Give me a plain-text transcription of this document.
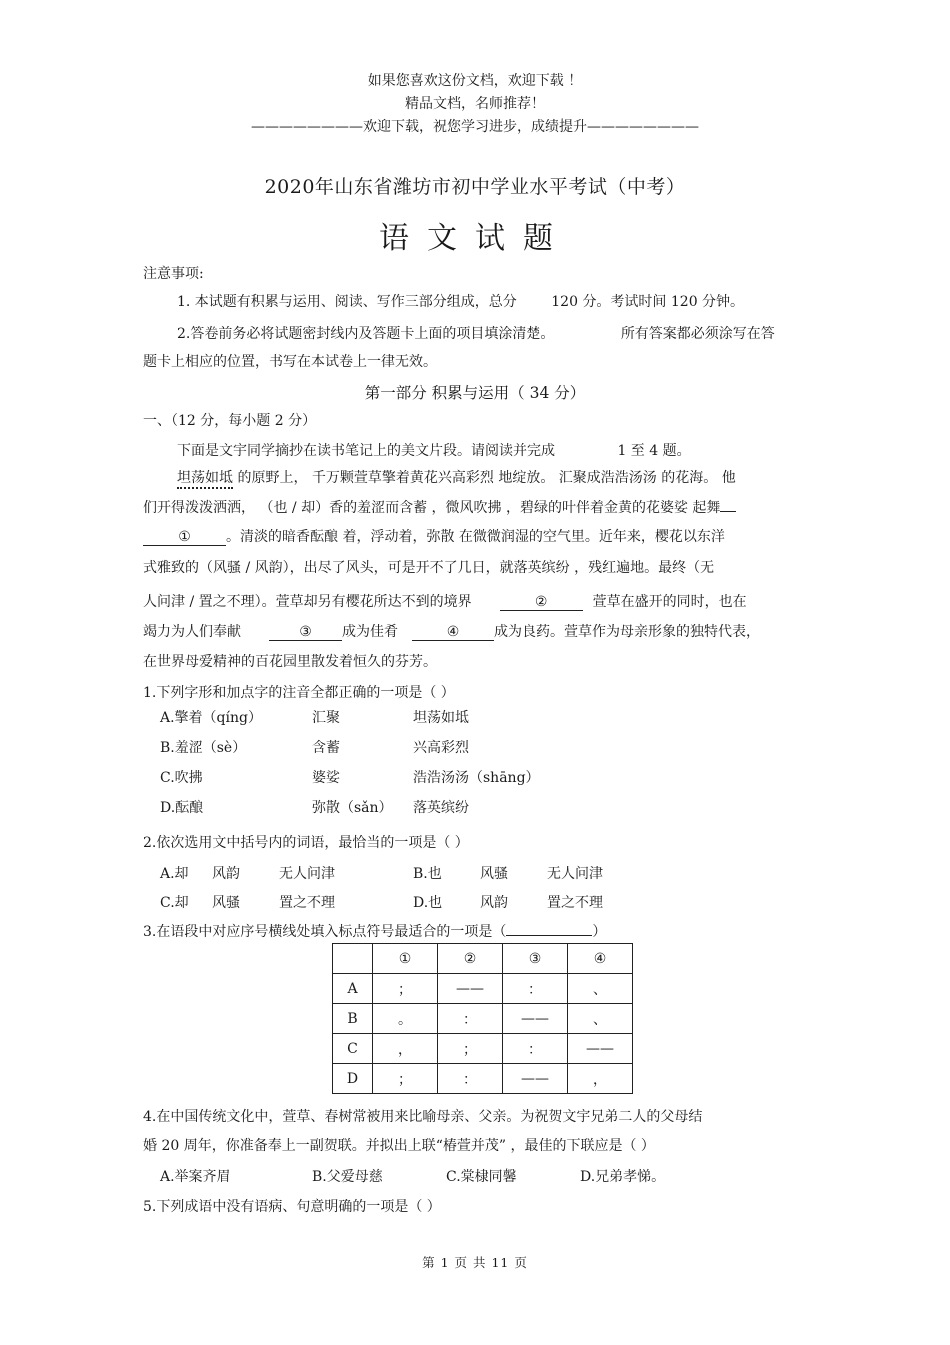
如果您喜欢这份文档，欢迎下载 ！
精品文档，名师推荐！
————————欢迎下载，祝您学习进步，成绩提升————————
2020年山东省潍坊市初中学业水平考试（中考）
语文试题
注意事项:
1. 本试题有积累与运用、阅读、写作三部分组成，总分 120 分。考试时间 120 分钟。
2.答卷前务必将试题密封线内及答题卡上面的项目填涂清楚。	所有答案都必须涂写在答
题卡上相应的位置，书写在本试卷上一律无效。
第一部分 积累与运用（ 34 分）
一、（12 分，每小题 2 分）
下面是文宇同学摘抄在读书笔记上的美文片段。请阅读并完成	1 至 4 题。
坦荡如坻 的原野上， 千万颗萱草擎着黄花兴高彩烈 地绽放。 汇聚成浩浩汤汤 的花海。 他
们开得泼泼洒洒， （也 / 却）香的羞涩而含蓄 ，微风吹拂 ，碧绿的叶伴着金黄的花婆娑 起舞
①	。清淡的暗香酝酿 着，浮动着，弥散 在微微润湿的空气里。近年来，樱花以东洋
式雅致的（风骚 / 风韵），出尽了风头，可是开不了几日，就落英缤纷 ，残红遍地。最终（无
人问津 / 置之不理）。萱草却另有樱花所达不到的境界	②	萱草在盛开的同时，也在
竭力为人们奉献	③ 成为佳肴	④ 成为良药。萱草作为母亲形象的独特代表，
在世界母爱精神的百花园里散发着恒久的芬芳。
1.下列字形和加点字的注音全都正确的一项是（ ）
A.擎着（qíng）	汇聚	坦荡如坻
B.羞涩（sè）	含蓄	兴高彩烈
C.吹拂	婆娑	浩浩汤汤（shāng）
D.酝酿	弥散（sǎn） 落英缤纷
2.依次选用文中括号内的词语，最恰当的一项是（ ）
A.却 风韵	无人问津	B.也	风骚	无人问津
C.却 风骚	置之不理	D.也	风韵	置之不理
3.在语段中对应序号横线处填入标点符号最适合的一项是（	）
	①	②	③	④
A	；	——	：	、
B	。	：	——	、
C	，	；	：	——
D	；	：	——	，
4.在中国传统文化中，萱草、春树常被用来比喻母亲、父亲。为祝贺文宇兄弟二人的父母结
婚 20 周年，你准备奉上一副贺联。并拟出上联“椿萱并茂” ，最佳的下联应是（ ）
A.举案齐眉	B.父爱母慈	C.棠棣同馨	D.兄弟孝悌。
5.下列成语中没有语病、句意明确的一项是（ ）
第 1 页 共 11 页
